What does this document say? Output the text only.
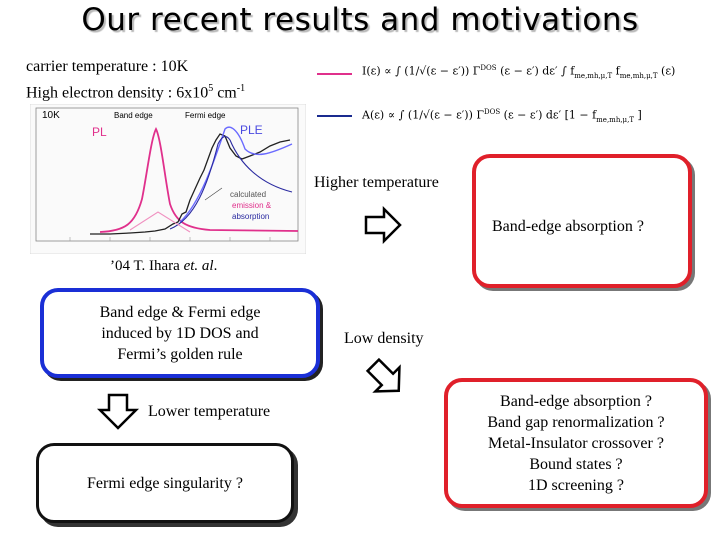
Our recent results and motivations
carrier temperature : 10K
High electron density : $6x10^5$ $cm^{-1}$
I(ε) ∝ ∫ (1/√(ε − ε′)) $\Gamma^{DOS}$ (ε − ε′) dε′ ∫ $f_{me,mh,\mu,T}$ $f_{me,mh,\mu,T}$ (ε)
A(ε) ∝ ∫ (1/√(ε − ε′)) $\Gamma^{DOS}$ (ε − ε′) dε′ [$1 - f_{me,mh,\mu,T}$ ]
10K	Band edge	Fermi edge
PL	PLE
calculated
emission &
absorption
’04 T. Ihara et. al.
Band edge & Fermi edge
induced by 1D DOS and
Fermi’s golden rule
Higher temperature
Band-edge absorption ?
Low density
Lower temperature
Band-edge absorption ?
Band gap renormalization ?
Metal-Insulator crossover ?
Bound states ?
1D screening ?
Fermi edge singularity ?
